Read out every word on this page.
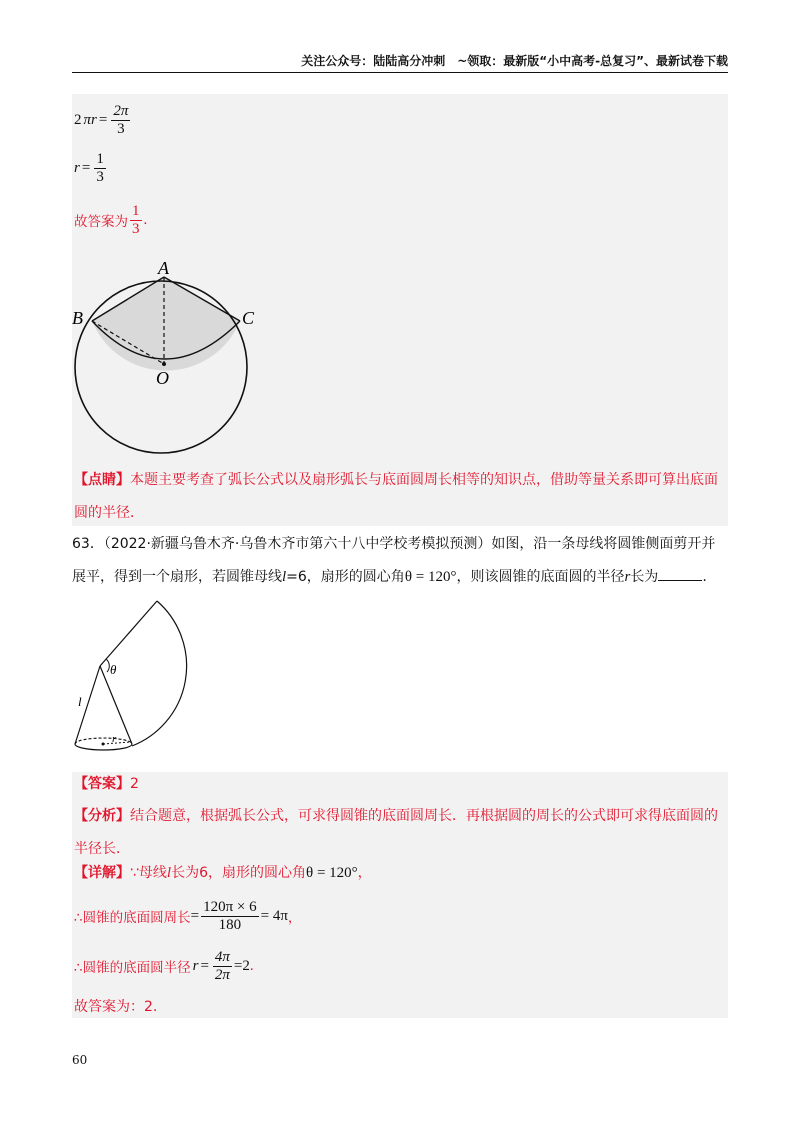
关注公众号：陆陆高分冲刺　~领取：最新版“小中高考-总复习”、最新试卷下载
2 π $r = \frac{2\pi}{3}$
$r = \frac{1}{3}$
故答案为 $\frac{1}{3}$ .
A
B	C
O
【点睛】本题主要考查了弧长公式以及扇形弧长与底面圆周长相等的知识点，借助等量关系即可算出底面圆的半径．
63．（2022·新疆乌鲁木齐·乌鲁木齐市第六十八中学校考模拟预测）如图，沿一条母线将圆锥侧面剪开并
展平，得到一个扇形，若圆锥母线l=6，扇形的圆心角θ = 120°，则该圆锥的底面圆的半径r长为	.
θ
l
r
【答案】2
【分析】结合题意，根据弧长公式，可求得圆锥的底面圆周长．再根据圆的周长的公式即可求得底面圆的半径长．
【详解】∵母线l长为6，扇形的圆心角θ = 120°，
∴圆锥的底面圆周长 = $\frac{120\pi \times 6}{180} = 4\pi$ ，
∴圆锥的底面圆半径 $r = \frac{4\pi}{2\pi} =2$ .
故答案为：2.
60
